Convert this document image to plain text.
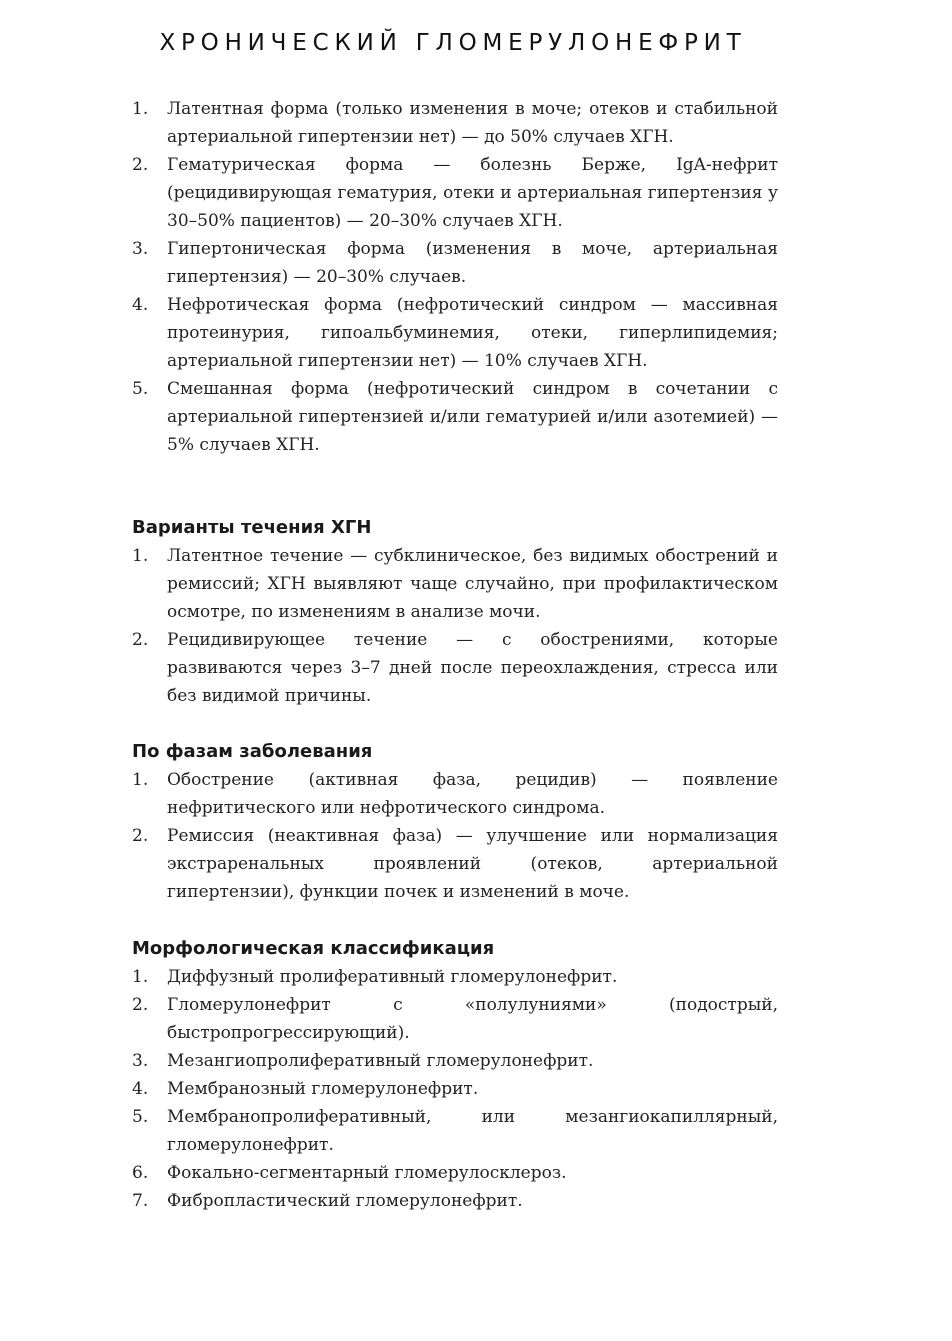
ХРОНИЧЕСКИЙ ГЛОМЕРУЛОНЕФРИТ
1.	Латентная форма (только изменения в моче; отеков и стабильной артериальной гипертензии нет) — до 50% случаев ХГН.
2.	Гематурическая форма — болезнь Берже, IgA-нефрит (рецидивирующая гематурия, отеки и артериальная гипертензия у 30–50% пациентов) — 20–30% случаев ХГН.
3.	Гипертоническая форма (изменения в моче, артериальная гипертензия) — 20–30% случаев.
4.	Нефротическая форма (нефротический синдром — массивная протеинурия, гипоальбуминемия, отеки, гиперлипидемия; артериальной гипертензии нет) — 10% случаев ХГН.
5.	Смешанная форма (нефротический синдром в сочетании с артериальной гипертензией и/или гематурией и/или азотемией) — 5% случаев ХГН.
Варианты течения ХГН
1.	Латентное течение — субклиническое, без видимых обострений и ремиссий; ХГН выявляют чаще случайно, при профилактическом осмотре, по изменениям в анализе мочи.
2.	Рецидивирующее течение — с обострениями, которые развиваются через 3–7 дней после переохлаждения, стресса или без видимой причины.
По фазам заболевания
1.	Обострение (активная фаза, рецидив) — появление нефритического или нефротического синдрома.
2.	Ремиссия (неактивная фаза) — улучшение или нормализация экстраренальных проявлений (отеков, артериальной гипертензии), функции почек и изменений в моче.
Морфологическая классификация
1.	Диффузный пролиферативный гломерулонефрит.
2.	Гломерулонефрит с «полулуниями» (подострый, быстропрогрессирующий).
3.	Мезангиопролиферативный гломерулонефрит.
4.	Мембранозный гломерулонефрит.
5.	Мембранопролиферативный, или мезангиокапиллярный, гломерулонефрит.
6.	Фокально-сегментарный гломерулосклероз.
7.	Фибропластический гломерулонефрит.
